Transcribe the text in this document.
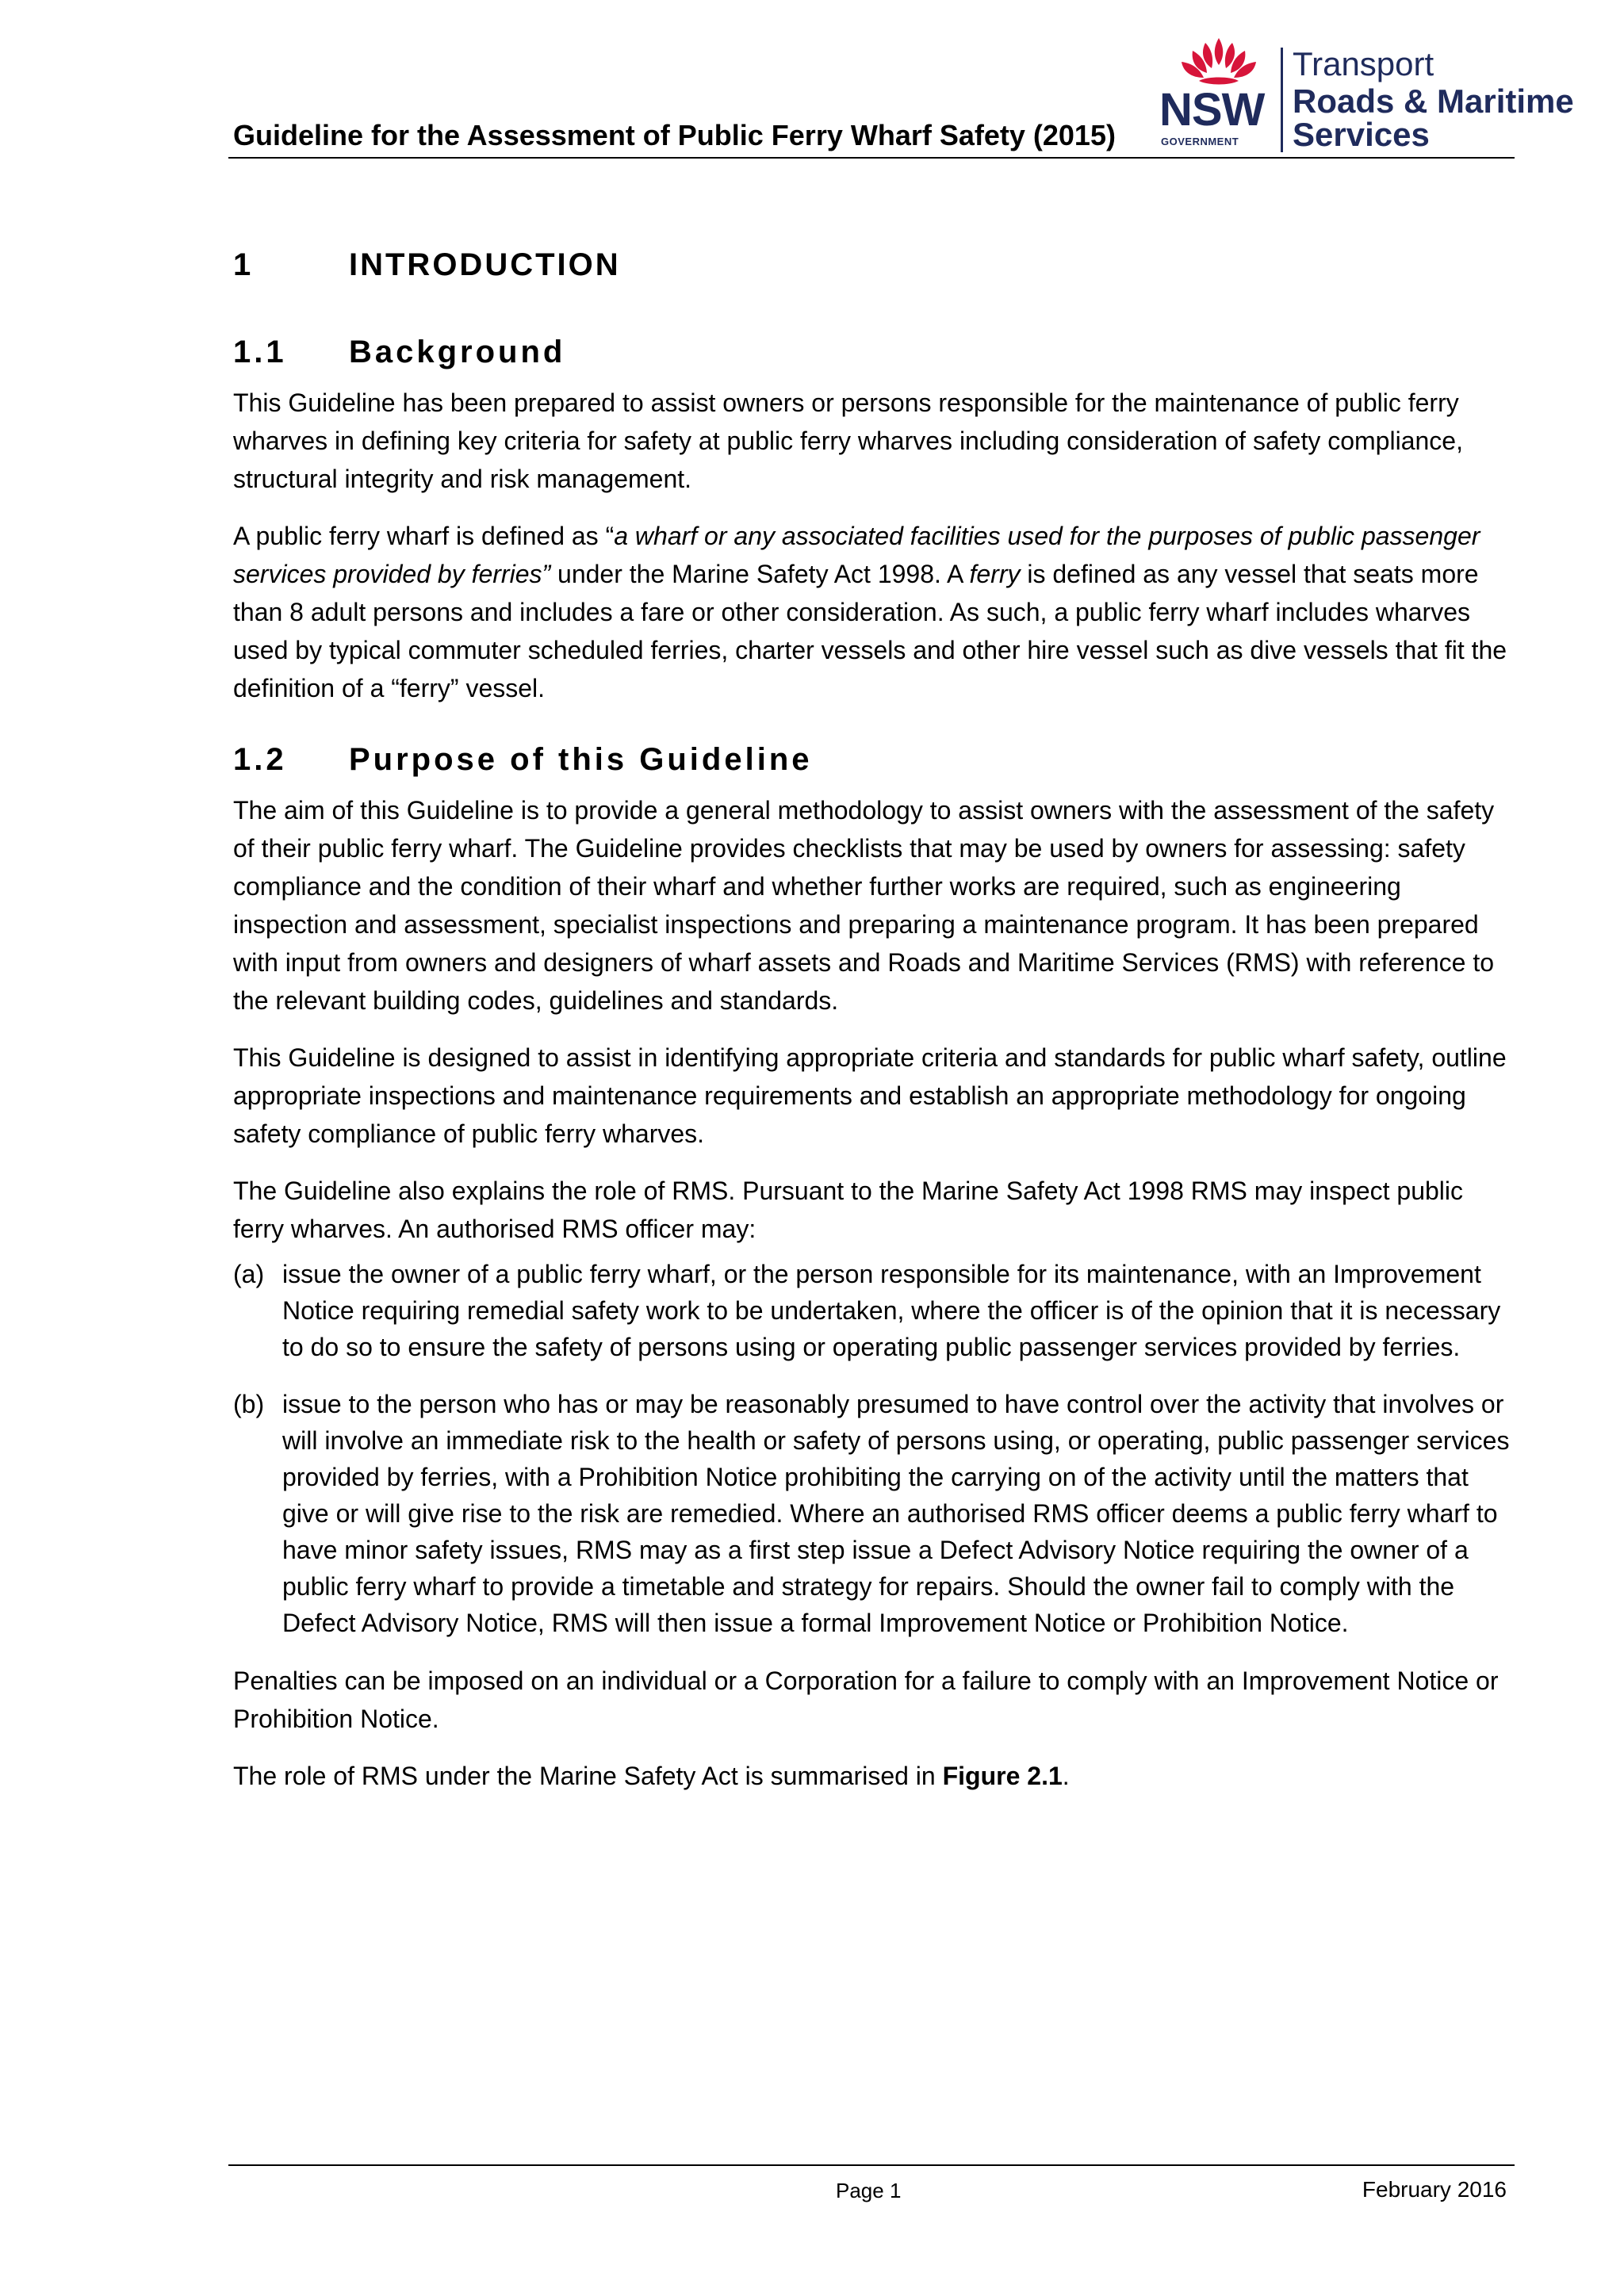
Guideline for the Assessment of Public Ferry Wharf Safety (2015) NSW
GOVERNMENT
Transport
Roads & Maritime
Services
1	INTRODUCTION
1.1	Background

This Guideline has been prepared to assist owners or persons responsible for the maintenance of public ferry wharves in defining key criteria for safety at public ferry wharves including consideration of safety compliance, structural integrity and risk management.

A public ferry wharf is defined as “a wharf or any associated facilities used for the purposes of public passenger services provided by ferries” under the Marine Safety Act 1998. A ferry is defined as any vessel that seats more than 8 adult persons and includes a fare or other consideration. As such, a public ferry wharf includes wharves used by typical commuter scheduled ferries, charter vessels and other hire vessel such as dive vessels that fit the definition of a “ferry” vessel.

1.2	Purpose of this Guideline

The aim of this Guideline is to provide a general methodology to assist owners with the assessment of the safety of their public ferry wharf. The Guideline provides checklists that may be used by owners for assessing: safety compliance and the condition of their wharf and whether further works are required, such as engineering inspection and assessment, specialist inspections and preparing a maintenance program. It has been prepared with input from owners and designers of wharf assets and Roads and Maritime Services (RMS) with reference to the relevant building codes, guidelines and standards.

This Guideline is designed to assist in identifying appropriate criteria and standards for public wharf safety, outline appropriate inspections and maintenance requirements and establish an appropriate methodology for ongoing safety compliance of public ferry wharves.

The Guideline also explains the role of RMS. Pursuant to the Marine Safety Act 1998 RMS may inspect public ferry wharves. An authorised RMS officer may:

(a) issue the owner of a public ferry wharf, or the person responsible for its maintenance, with an Improvement Notice requiring remedial safety work to be undertaken, where the officer is of the opinion that it is necessary to do so to ensure the safety of persons using or operating public passenger services provided by ferries.
(b) issue to the person who has or may be reasonably presumed to have control over the activity that involves or will involve an immediate risk to the health or safety of persons using, or operating, public passenger services provided by ferries, with a Prohibition Notice prohibiting the carrying on of the activity until the matters that give or will give rise to the risk are remedied. Where an authorised RMS officer deems a public ferry wharf to have minor safety issues, RMS may as a first step issue a Defect Advisory Notice requiring the owner of a public ferry wharf to provide a timetable and strategy for repairs. Should the owner fail to comply with the Defect Advisory Notice, RMS will then issue a formal Improvement Notice or Prohibition Notice.

Penalties can be imposed on an individual or a Corporation for a failure to comply with an Improvement Notice or Prohibition Notice.

The role of RMS under the Marine Safety Act is summarised in Figure 2.1.

Page 1	February 2016
